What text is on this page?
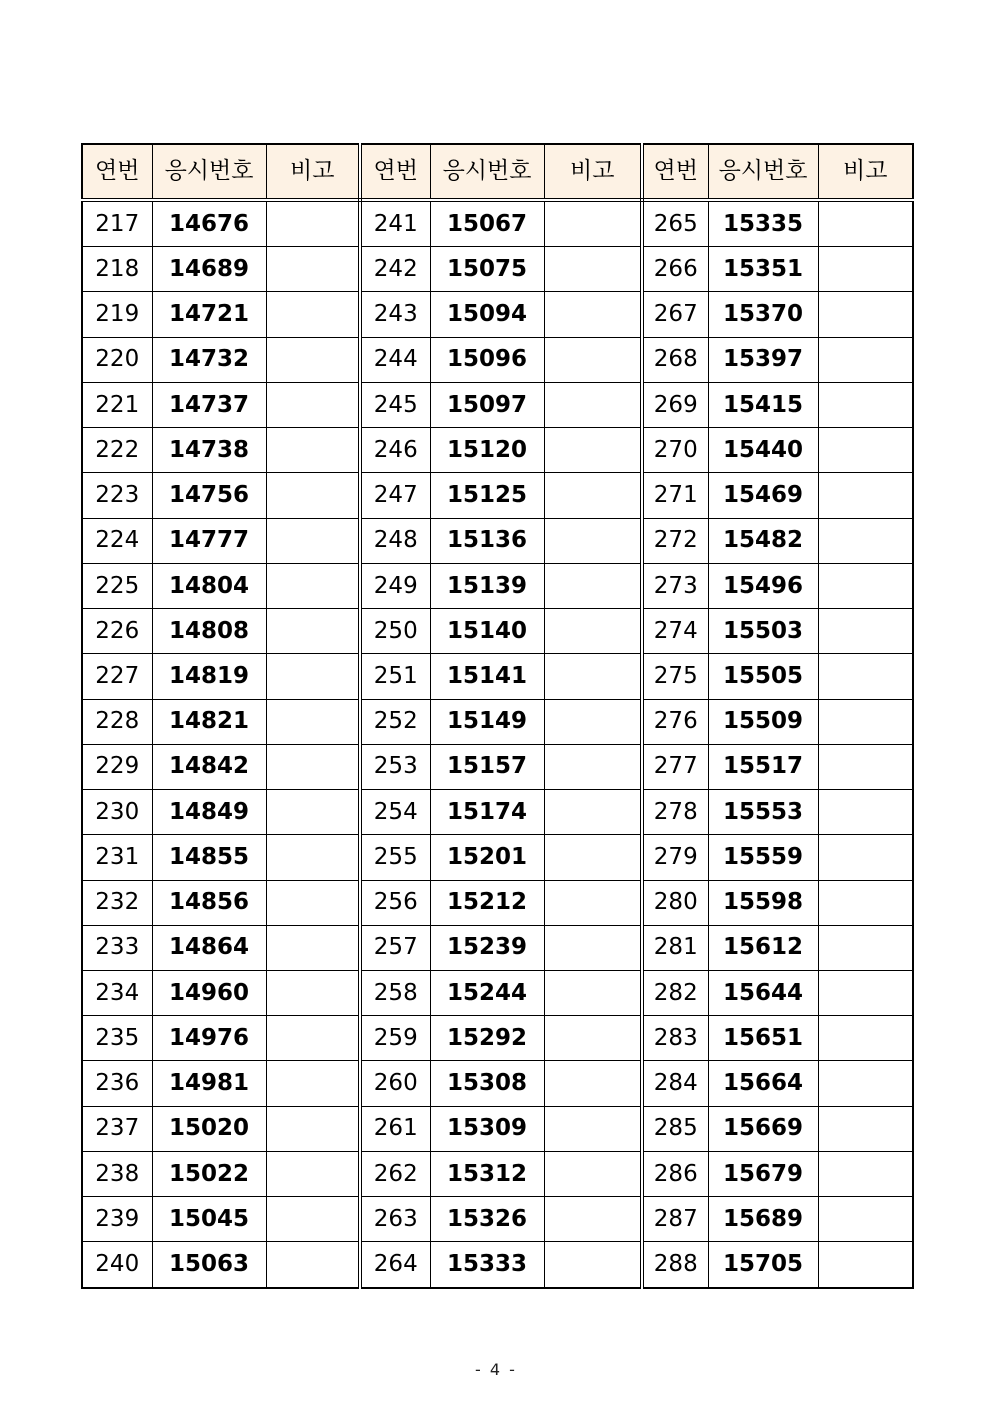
연번	응시번호	비고	연번	응시번호	비고	연번	응시번호	비고
217	14676		241	15067		265	15335	
218	14689		242	15075		266	15351	
219	14721		243	15094		267	15370	
220	14732		244	15096		268	15397	
221	14737		245	15097		269	15415	
222	14738		246	15120		270	15440	
223	14756		247	15125		271	15469	
224	14777		248	15136		272	15482	
225	14804		249	15139		273	15496	
226	14808		250	15140		274	15503	
227	14819		251	15141		275	15505	
228	14821		252	15149		276	15509	
229	14842		253	15157		277	15517	
230	14849		254	15174		278	15553	
231	14855		255	15201		279	15559	
232	14856		256	15212		280	15598	
233	14864		257	15239		281	15612	
234	14960		258	15244		282	15644	
235	14976		259	15292		283	15651	
236	14981		260	15308		284	15664	
237	15020		261	15309		285	15669	
238	15022		262	15312		286	15679	
239	15045		263	15326		287	15689	
240	15063		264	15333		288	15705	
- 4 -
